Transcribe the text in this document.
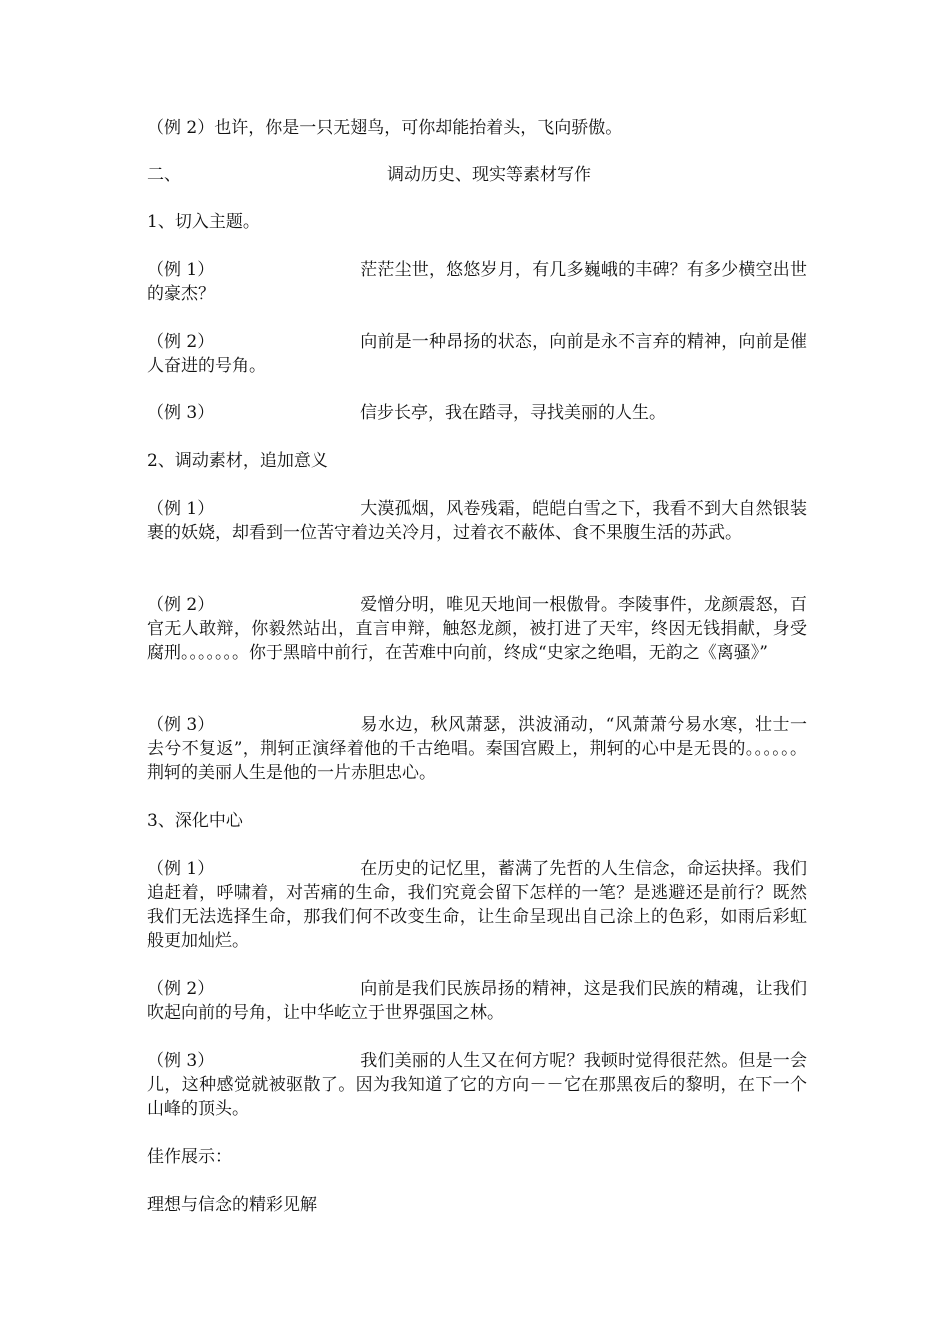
（例 2）也许，你是一只无翅鸟，可你却能抬着头，飞向骄傲。
二、	调动历史、现实等素材写作
1、切入主题。
（例 1）	茫茫尘世，悠悠岁月，有几多巍峨的丰碑？有多少横空出世的豪杰？
（例 2）	向前是一种昂扬的状态，向前是永不言弃的精神，向前是催人奋进的号角。
（例 3）	信步长亭，我在踏寻，寻找美丽的人生。
2、调动素材，追加意义
（例 1）	大漠孤烟，风卷残霜，皑皑白雪之下，我看不到大自然银装裹的妖娆，却看到一位苦守着边关冷月，过着衣不蔽体、食不果腹生活的苏武。
（例 2）	爱憎分明，唯见天地间一根傲骨。李陵事件，龙颜震怒，百官无人敢辩，你毅然站出，直言申辩，触怒龙颜，被打进了天牢，终因无钱捐献，身受腐刑。。。。。。。你于黑暗中前行，在苦难中向前，终成“史家之绝唱，无韵之《离骚》”
（例 3）	易水边，秋风萧瑟，洪波涌动，“风萧萧兮易水寒，壮士一去兮不复返”，荆轲正演绎着他的千古绝唱。秦国宫殿上，荆轲的心中是无畏的。。。。。。荆轲的美丽人生是他的一片赤胆忠心。
3、深化中心
（例 1）	在历史的记忆里，蓄满了先哲的人生信念，命运抉择。我们追赶着，呼啸着，对苦痛的生命，我们究竟会留下怎样的一笔？是逃避还是前行？既然我们无法选择生命，那我们何不改变生命，让生命呈现出自己涂上的色彩，如雨后彩虹般更加灿烂。
（例 2）	向前是我们民族昂扬的精神，这是我们民族的精魂，让我们吹起向前的号角，让中华屹立于世界强国之林。
（例 3）	我们美丽的人生又在何方呢？我顿时觉得很茫然。但是一会儿，这种感觉就被驱散了。因为我知道了它的方向－－它在那黑夜后的黎明，在下一个山峰的顶头。
佳作展示：
理想与信念的精彩见解
